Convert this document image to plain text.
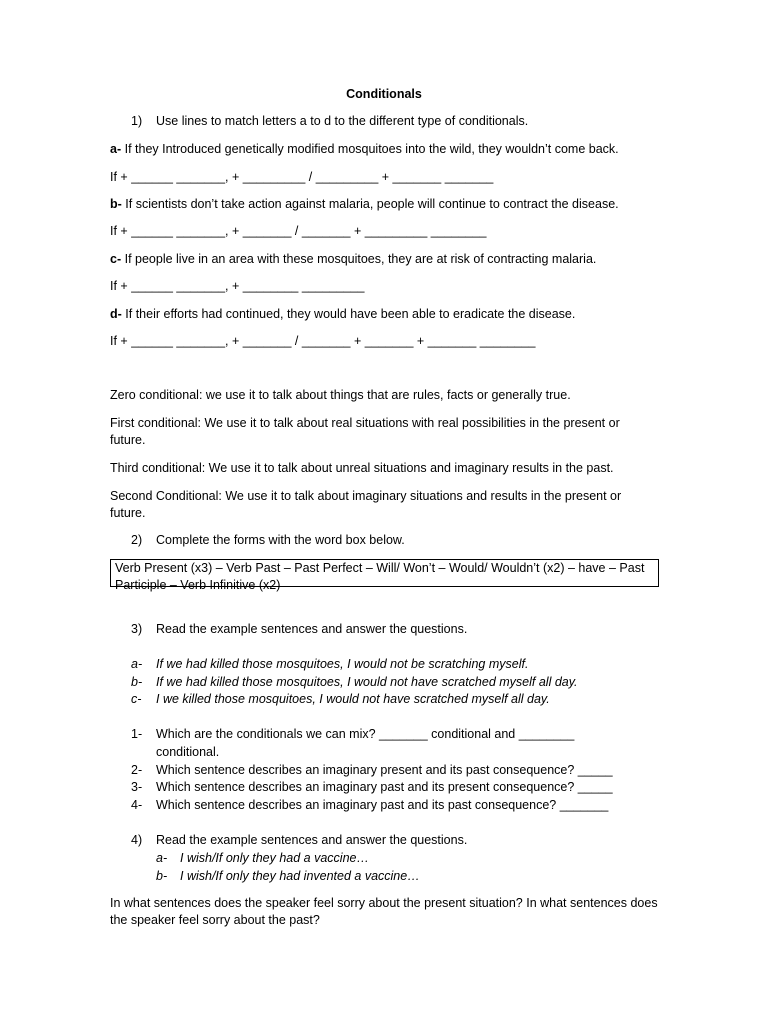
Conditionals
1) Use lines to match letters a to d to the different type of conditionals.
a- If they Introduced genetically modified mosquitoes into the wild, they wouldn’t come back.
If + ______ _______, + _________ / _________ + _______ _______
b- If scientists don’t take action against malaria, people will continue to contract the disease.
If + ______ _______, + _______ / _______ + _________ ________
c- If people live in an area with these mosquitoes, they are at risk of contracting malaria.
If + ______ _______, + ________ _________
d- If their efforts had continued, they would have been able to eradicate the disease.
If + ______ _______, + _______ / _______ + _______ + _______ ________
Zero conditional: we use it to talk about things that are rules, facts or generally true.
First conditional: We use it to talk about real situations with real possibilities in the present or future.
Third conditional: We use it to talk about unreal situations and imaginary results in the past.
Second Conditional: We use it to talk about imaginary situations and results in the present or future.
2) Complete the forms with the word box below.
Verb Present (x3) – Verb Past – Past Perfect – Will/ Won’t – Would/ Wouldn’t (x2) – have – Past Participle – Verb Infinitive (x2)
3) Read the example sentences and answer the questions.
a- If we had killed those mosquitoes, I would not be scratching myself.
b- If we had killed those mosquitoes, I would not have scratched myself all day.
c- I we killed those mosquitoes, I would not have scratched myself all day.
1- Which are the conditionals we can mix? _______ conditional and ________
conditional.
2- Which sentence describes an imaginary present and its past consequence? _____
3- Which sentence describes an imaginary past and its present consequence? _____
4- Which sentence describes an imaginary past and its past consequence? _______
4) Read the example sentences and answer the questions.
a- I wish/If only they had a vaccine…
b- I wish/If only they had invented a vaccine…
In what sentences does the speaker feel sorry about the present situation? In what sentences does the speaker feel sorry about the past?
